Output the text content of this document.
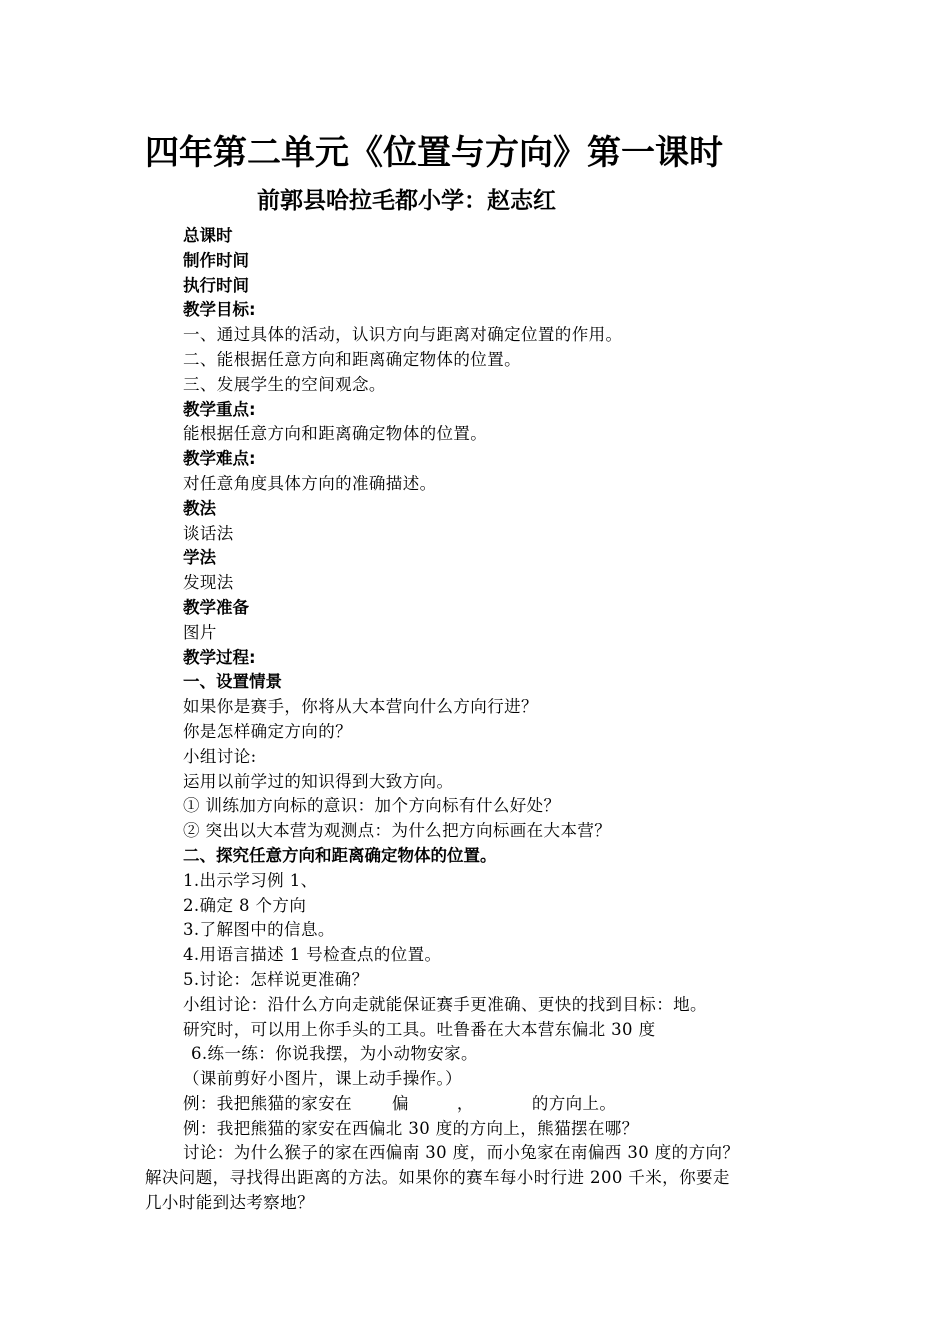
四年第二单元《位置与方向》第一课时
前郭县哈拉毛都小学：赵志红
总课时
制作时间
执行时间
教学目标:
一、通过具体的活动，认识方向与距离对确定位置的作用。
二、能根据任意方向和距离确定物体的位置。
三、发展学生的空间观念。
教学重点:
能根据任意方向和距离确定物体的位置。
教学难点:
对任意角度具体方向的准确描述。
教法
谈话法
学法
发现法
教学准备
图片
教学过程:
一、设置情景
如果你是赛手，你将从大本营向什么方向行进？
你是怎样确定方向的？
小组讨论:
运用以前学过的知识得到大致方向。
① 训练加方向标的意识：加个方向标有什么好处？
② 突出以大本营为观测点：为什么把方向标画在大本营？
二、探究任意方向和距离确定物体的位置。
1.出示学习例 1、
2.确定 8 个方向
3.了解图中的信息。
4.用语言描述 1 号检查点的位置。
5.讨论：怎样说更准确？
小组讨论：沿什么方向走就能保证赛手更准确、更快的找到目标：地。
研究时，可以用上你手头的工具。吐鲁番在大本营东偏北 30 度
6.练一练：你说我摆，为小动物安家。
（课前剪好小图片，课上动手操作。）
例：我把熊猫的家安在 偏	，	的方向上。
例：我把熊猫的家安在西偏北 30 度的方向上，熊猫摆在哪？
讨论：为什么猴子的家在西偏南 30 度，而小兔家在南偏西 30 度的方向？
解决问题，寻找得出距离的方法。如果你的赛车每小时行进 200 千米，你要走
几小时能到达考察地？
